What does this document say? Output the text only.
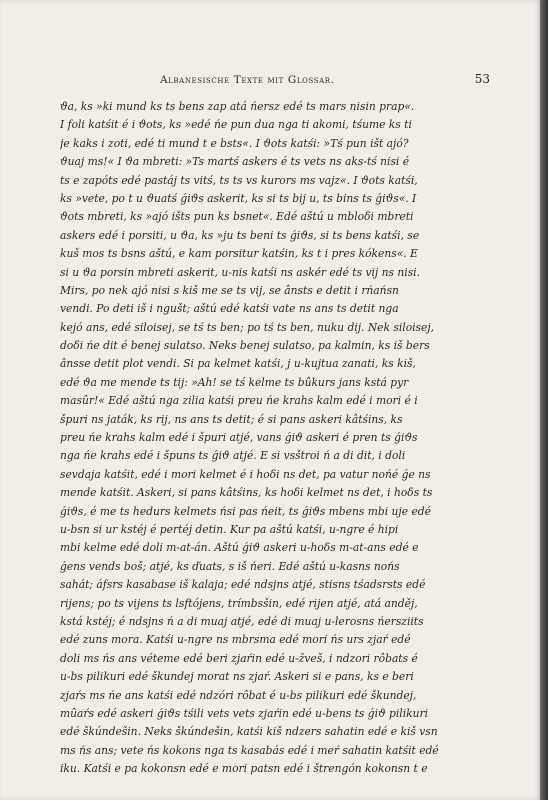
Albanesische Texte mit Glossar.	53
ϑa, ks »ki mund ks ts bens zap atá ńersz edé ts mars nisin prap«.
I foli katśit é i ϑots, ks »edé ńe pun dua nga ti akomi, tśume ks ti
je kaks i zoti, edé ti mund t e bsts«. I ϑots katśi: »Tś pun išt ajó?
ϑuaj ms!« I ϑa mbreti: »Ts martś askers é ts vets ns aks-tś nisi é
ts e zapóts edé pastáj ts vitś, ts ts vs kurors ms vajz«. I ϑots katśi,
ks »vete, po t u ϑuatś ǵiϑs askerit, ks si ts bij u, ts bins ts ǵiϑs«. I
ϑots mbreti, ks »ajó išts pun ks bsnet«. Edé aštú u mbloδi mbreti
askers edé i porsiti, u ϑa, ks »ju ts beni ts ǵiϑs, si ts bens katśi, se
kuš mos ts bsns aštú, e kam porsitur katśin, ks t i pres kókens«. E
si u ϑa porsin mbreti askerit, u-nis katśi ns askér edé ts vij ns nisi.
Mirs, po nek ajó nisi s kiš me se ts vij, se ânsts e detit i rńańsn
vendi. Po deti iš i ngušt; aštú edé katśi vate ns ans ts detit nga
kejó ans, edé siloisej, se tś ts ben; po tś ts ben, nuku dij. Nek siloisej,
doδi ńe dit é benej sulatso. Neks benej sulatso, pa kalmin, ks iš bers
ânsse detit plot vendi. Si pa kelmet katśi, j u-kujtua zanati, ks kiš,
edé ϑa me mende ts tij: »Ah! se tś kelme ts bûkurs jans kstá pyr
masûr!« Edé aštú nga zilia katśi preu ńe krahs kalm edé i mori é i
špuri ns jaták, ks rij, ns ans ts detit; é si pans askeri kâtśins, ks
preu ńe krahs kalm edé i špuri atjé, vans ǵiϑ askeri é pren ts ǵiϑs
nga ńe krahs edé i špuns ts ǵiϑ atjé. E si vsštroi ń a di dit, i doli
sevdaja katśit, edé i mori kelmet é i hoδi ns det, pa vatur nońé ǵe ns
mende katśit. Askeri, si pans kâtśins, ks hoδi kelmet ns det, i hoδs ts
ǵiϑs, é me ts hedurs kelmets ńsi pas ńeit, ts ǵiϑs mbens mbi uje edé
u-bsn si ur kstéj é pertéj detin. Kur pa aštú katśi, u-ngre é hipi
mbi kelme edé doli m-at-án. Aštú ǵiϑ askeri u-hoδs m-at-ans edé e
ǵens vends boš; atjé, ks ďuats, s iš ńeri. Edé aštú u-kasns nońs
sahát; áfsrs kasabase iš kalaja; edé ndsjns atjé, stisns tśadsrsts edé
rijens; po ts vijens ts lsftójens, trímbsšin, edé rijen atjé, atá anděj,
kstá kstéj; é ndsjns ń a di muaj atjé, edé di muaj u-lerosns ńersziits
edé zuns mora. Katśi u-ngre ns mbrsma edé mori ńs urs zjaŕ edé
doli ms ńs ans véteme edé beri zjaŕin edé u-žveš, i ndzori rôbats é
u-bs pilikuri edé škundej morat ns zjaŕ. Askeri si e pans, ks e beri
zjaŕs ms ńe ans katśi edé ndzóri rôbat é u-bs pilikuri edé škundej,
mûaŕs edé askeri ǵiϑs tśili vets vets zjaŕin edé u-bens ts ǵiϑ pilikuri
edé škúndešin. Neks škúndešin, katśi kiš ndzers sahatin edé e kiš vsn
ms ńs ans; vete ńs kokons ngа ts kasabás edé i meŕ sahatin katśit edé
iku. Katśi e pa kokonsn edé e mori patsn edé i štrengón kokonsn t e
